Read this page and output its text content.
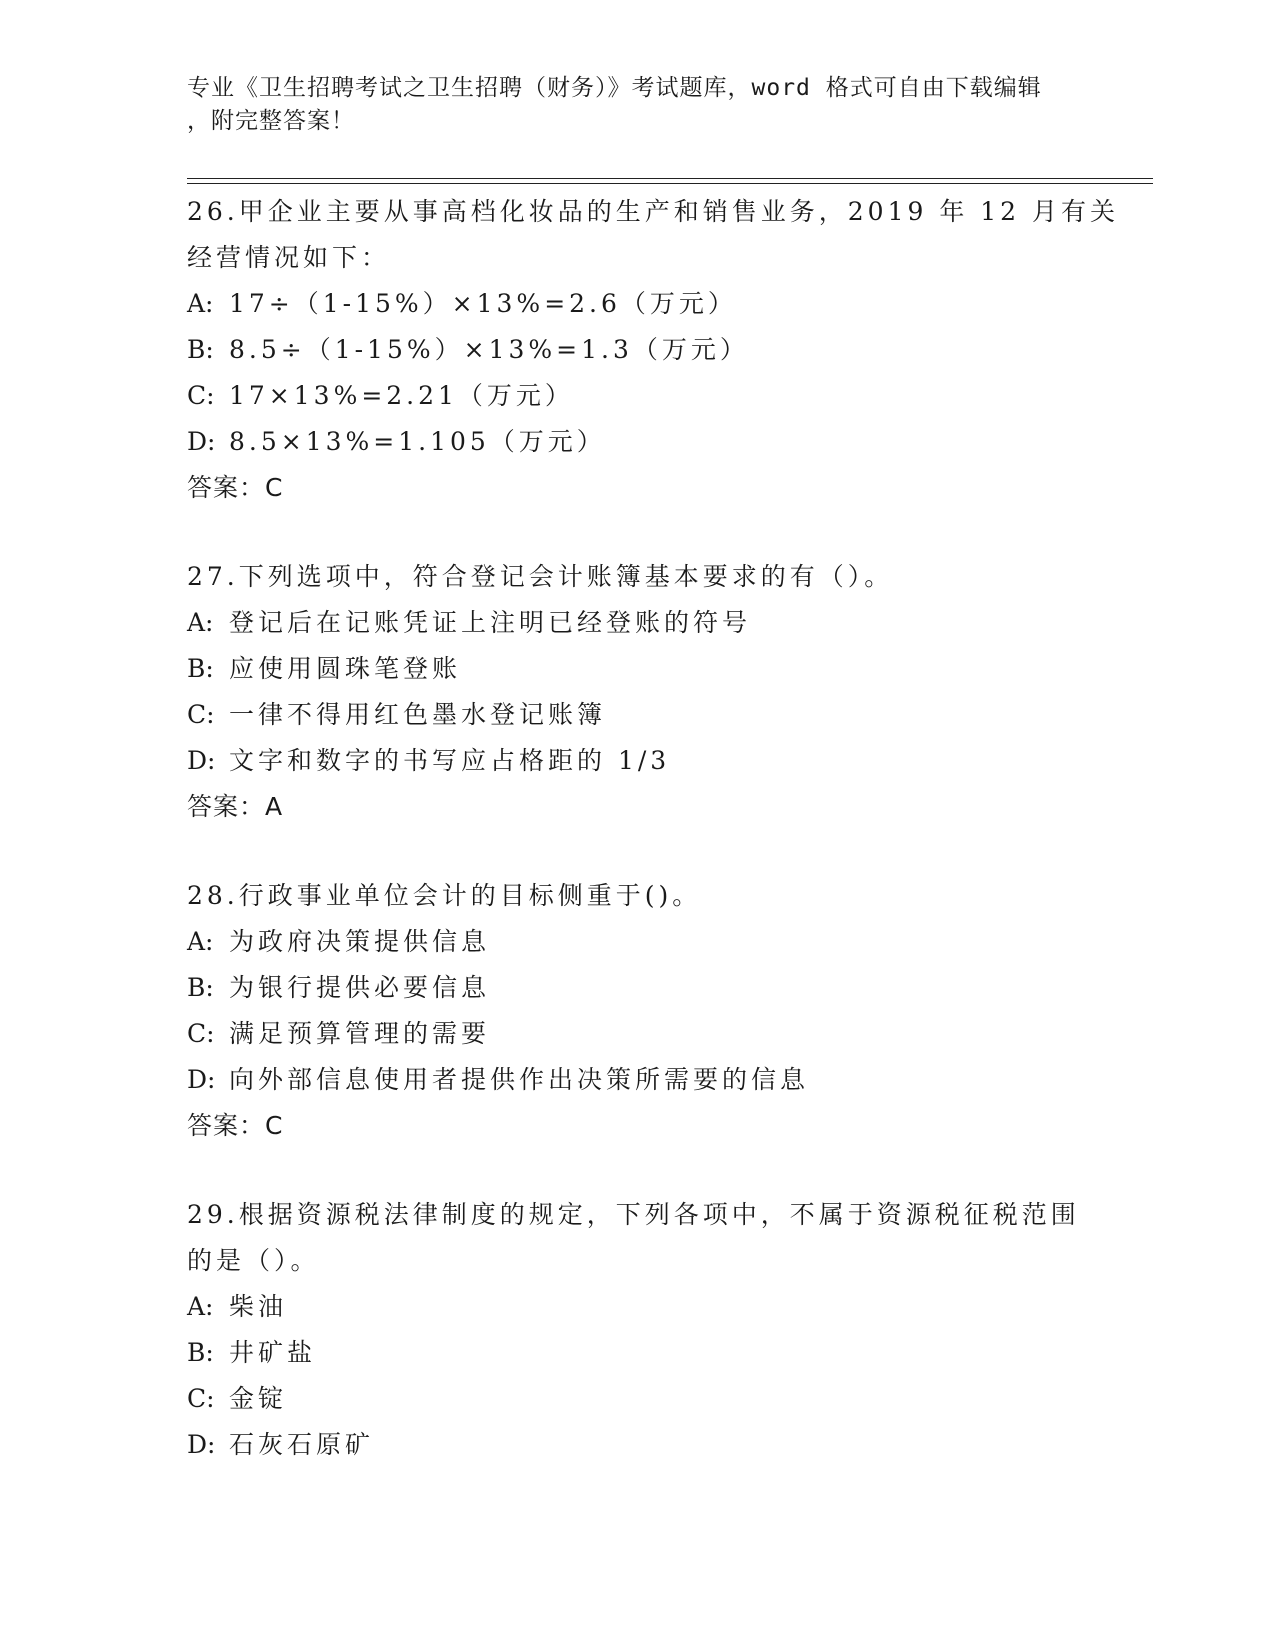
专业《卫生招聘考试之卫生招聘（财务）》考试题库，word 格式可自由下载编辑
，附完整答案！
26.甲企业主要从事高档化妆品的生产和销售业务，2019 年 12 月有关
经营情况如下：
A: 17÷（1-15%）×13%=2.6（万元）
B: 8.5÷（1-15%）×13%=1.3（万元）
C: 17×13%=2.21（万元）
D: 8.5×13%=1.105（万元）
答案：C
27.下列选项中，符合登记会计账簿基本要求的有（）。
A: 登记后在记账凭证上注明已经登账的符号
B: 应使用圆珠笔登账
C: 一律不得用红色墨水登记账簿
D: 文字和数字的书写应占格距的 1/3
答案：A
28.行政事业单位会计的目标侧重于()。
A: 为政府决策提供信息
B: 为银行提供必要信息
C: 满足预算管理的需要
D: 向外部信息使用者提供作出决策所需要的信息
答案：C
29.根据资源税法律制度的规定，下列各项中，不属于资源税征税范围
的是（）。
A: 柴油
B: 井矿盐
C: 金锭
D: 石灰石原矿
